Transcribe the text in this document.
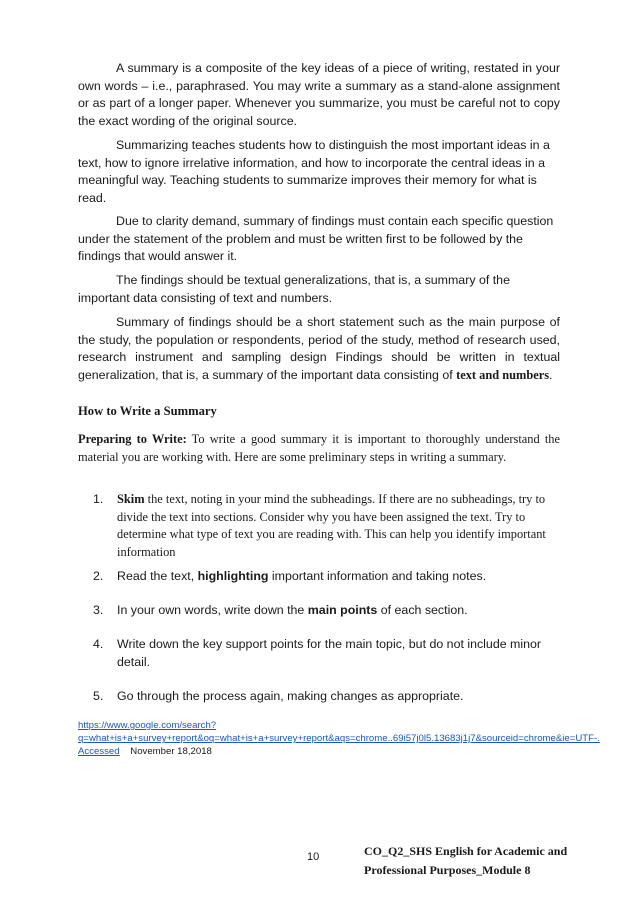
A summary is a composite of the key ideas of a piece of writing, restated in your own words – i.e., paraphrased. You may write a summary as a stand-alone assignment or as part of a longer paper. Whenever you summarize, you must be careful not to copy the exact wording of the original source.

Summarizing teaches students how to distinguish the most important ideas in a text, how to ignore irrelative information, and how to incorporate the central ideas in a meaningful way. Teaching students to summarize improves their memory for what is read.

Due to clarity demand, summary of findings must contain each specific question under the statement of the problem and must be written first to be followed by the findings that would answer it.

The findings should be textual generalizations, that is, a summary of the important data consisting of text and numbers.

Summary of findings should be a short statement such as the main purpose of the study, the population or respondents, period of the study, method of research used, research instrument and sampling design Findings should be written in textual generalization, that is, a summary of the important data consisting of text and numbers.

How to Write a Summary

Preparing to Write: To write a good summary it is important to thoroughly understand the material you are working with. Here are some preliminary steps in writing a summary.

1.	Skim the text, noting in your mind the subheadings. If there are no subheadings, try to divide the text into sections. Consider why you have been assigned the text. Try to determine what type of text you are reading with. This can help you identify important information
2.	Read the text, highlighting important information and taking notes.
3.	In your own words, write down the main points of each section.
4.	Write down the key support points for the main topic, but do not include minor detail.
5.	Go through the process again, making changes as appropriate.
https://www.google.com/search?q=what+is+a+survey+report&oq=what+is+a+survey+report&aqs=chrome..69i57j0l5.13683j1j7&sourceid=chrome&ie=UTF-. Accessed November 18,2018
10	CO_Q2_SHS English for Academic and
Professional Purposes_Module 8
